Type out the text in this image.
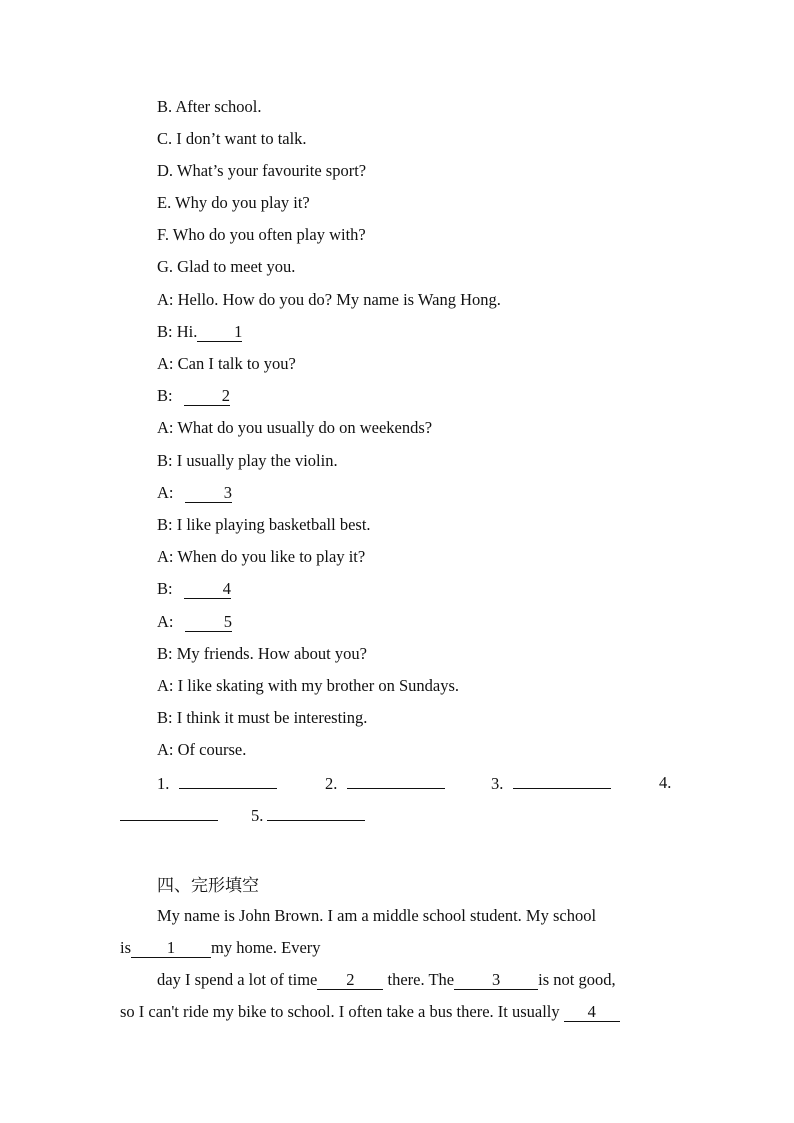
B. After school.
C. I don’t want to talk.
D. What’s your favourite sport?
E. Why do you play it?
F. Who do you often play with?
G. Glad to meet you.
A: Hello. How do you do? My name is Wang Hong.
B: Hi. 1
A: Can I talk to you?
B:	2
A: What do you usually do on weekends?
B: I usually play the violin.
A:	3
B: I like playing basketball best.
A: When do you like to play it?
B:	4
A:	5
B: My friends. How about you?
A: I like skating with my brother on Sundays.
B: I think it must be interesting.
A: Of course.
1.	2.	3.	4.
5.
四、完形填空
My name is John Brown. I am a middle school student. My school
is 1 my home. Every
day I spend a lot of time 2 there. The 3 is not good,
so I can't ride my bike to school. I often take a bus there. It usually 4
